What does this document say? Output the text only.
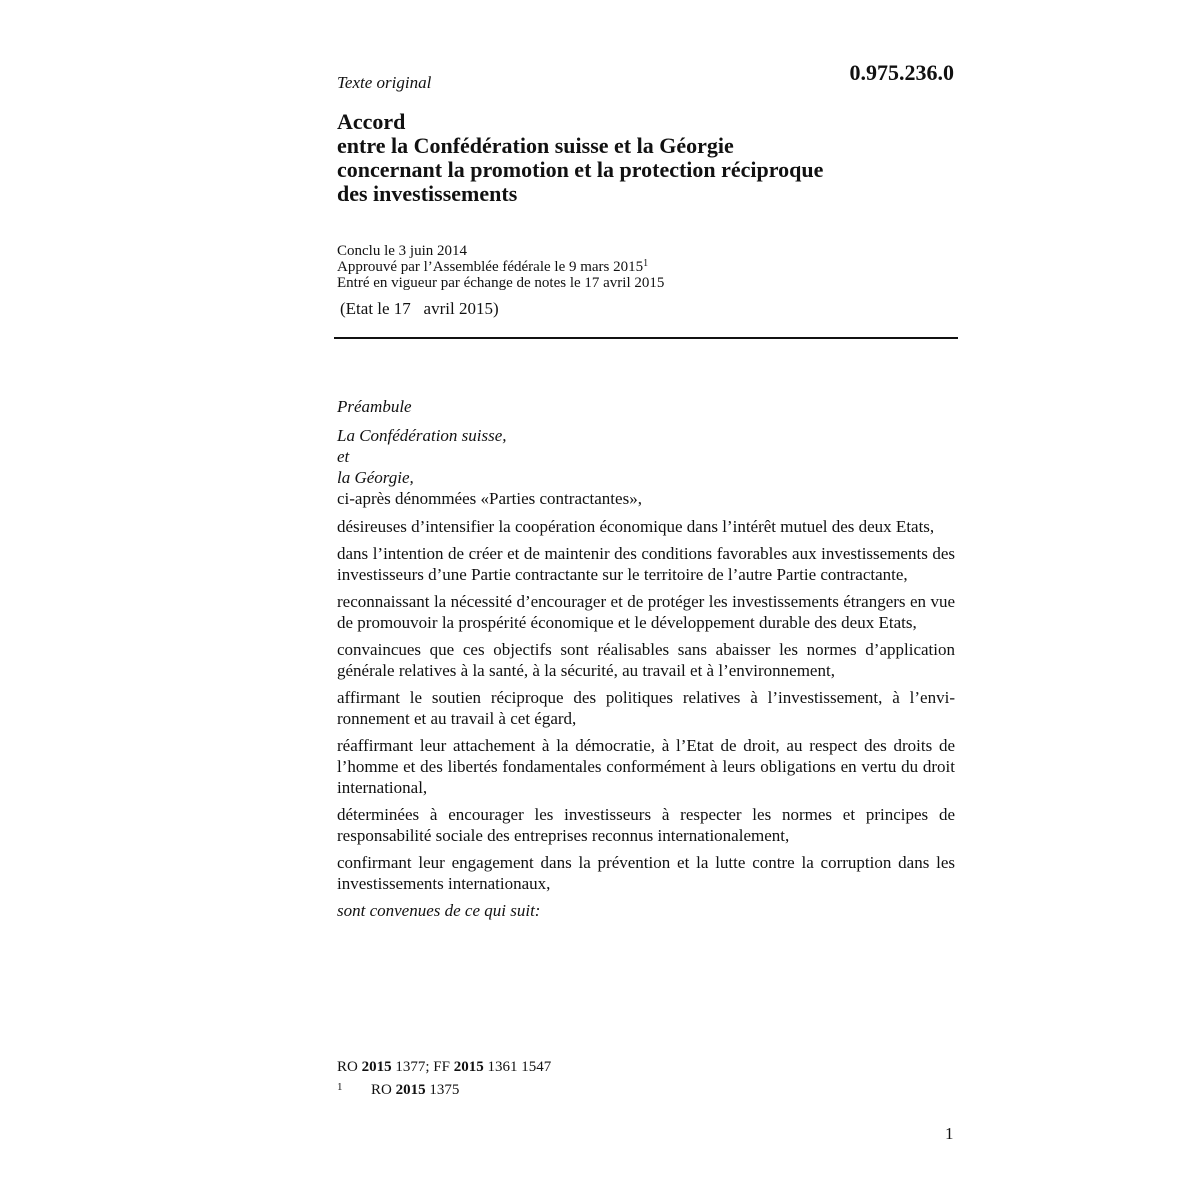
Texte original	0.975.236.0
Accord
entre la Confédération suisse et la Géorgie
concernant la promotion et la protection réciproque
des investissements
Conclu le 3 juin 2014
Approuvé par l’Assemblée fédérale le 9 mars 2015$^1$
Entré en vigueur par échange de notes le 17 avril 2015
(Etat le 17   avril 2015)
Préambule
La Confédération suisse,
et
la Géorgie,
ci-après dénommées «Parties contractantes»,
désireuses d’intensifier la coopération économique dans l’intérêt mutuel des deux Etats,
dans l’intention de créer et de maintenir des conditions favorables aux investissements des investisseurs d’une Partie contractante sur le territoire de l’autre Partie contractante,
reconnaissant la nécessité d’encourager et de protéger les investissements étrangers en vue de promouvoir la prospérité économique et le développement durable des deux Etats,
convaincues que ces objectifs sont réalisables sans abaisser les normes d’application générale relatives à la santé, à la sécurité, au travail et à l’environnement,
affirmant le soutien réciproque des politiques relatives à l’investissement, à l’environnement et au travail à cet égard,
réaffirmant leur attachement à la démocratie, à l’Etat de droit, au respect des droits de l’homme et des libertés fondamentales conformément à leurs obligations en vertu du droit international,
déterminées à encourager les investisseurs à respecter les normes et principes de responsabilité sociale des entreprises reconnus internationalement,
confirmant leur engagement dans la prévention et la lutte contre la corruption dans les investissements internationaux,
sont convenues de ce qui suit:
RO 2015 1377; FF 2015 1361 1547
1 RO 2015 1375
1
